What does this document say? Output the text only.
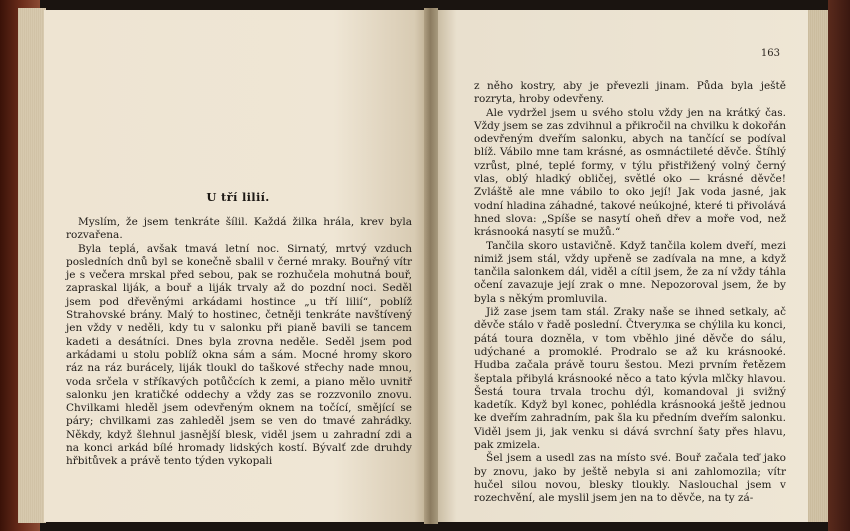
U tří lilií.

Myslím, že jsem tenkráte šílil. Každá žilka hrála, krev byla rozvařena.

Byla teplá, avšak tmavá letní noc. Sirnatý, mrtvý vzduch posledních dnů byl se konečně sbalil v černé mraky. Bouřný vítr je s večera mrskal před sebou, pak se rozhučela mohutná bouř, zapraskal liják, a bouř a liják trvaly až do pozdní noci. Seděl jsem pod dřevěnými arkádami hostince „u tří lilií“, poblíž Strahovské brány. Malý to hostinec, četněji tenkráte navštívený jen vždy v neděli, kdy tu v salonku při pianě bavili se tancem kadeti a desátníci. Dnes byla zrovna neděle. Seděl jsem pod arkádami u stolu poblíž okna sám a sám. Mocné hromy skoro ráz na ráz burácely, liják tloukl do taškové střechy nade mnou, voda srčela v stříkavých potůčcích k zemi, a piano mělo uvnitř salonku jen kratičké oddechy a vždy zas se rozzvonilo znovu. Chvilkami hleděl jsem odevřeným oknem na točící, smějící se páry; chvilkami zas zahleděl jsem se ven do tmavé zahrádky. Někdy, když šlehnul jasnější blesk, viděl jsem u zahradní zdi a na konci arkád bílé hromady lidských kostí. Bývalť zde druhdy hřbitůvek a právě tento týden vykopali

163

z něho kostry, aby je převezli jinam. Půda byla ještě rozryta, hroby odevřeny.

Ale vydržel jsem u svého stolu vždy jen na krátký čas. Vždy jsem se zas zdvihnul a přikročil na chvilku k dokořán odevřeným dveřím salonku, abych na tančící se podíval blíž. Vábilo mne tam krásné, as osmnáctileté děvče. Štíhlý vzrůst, plné, teplé formy, v týlu přistřižený volný černý vlas, oblý hladký obličej, světlé oko — krásné děvče! Zvláště ale mne vábilo to oko její! Jak voda jasné, jak vodní hladina záhadné, takové neúkojné, které ti přivolává hned slova: „Spíše se nasytí oheň dřev a moře vod, než krásnooká nasytí se mužů.“

Tančila skoro ustavičně. Když tančila kolem dveří, mezi nimiž jsem stál, vždy upřeně se zadívala na mne, a když tančila salonkem dál, viděl a cítil jsem, že za ní vždy táhla očení zavazuje její zrak o mne. Nepozoroval jsem, že by byla s někým promluvila.

Již zase jsem tam stál. Zraky naše se ihned setkaly, ač děvče stálo v řadě poslední. Čtveryлка se chýlila ku konci, pátá toura dozněla, v tom vběhlo jiné děvče do sálu, udýchané a promoklé. Prodralo se až ku krásnooké. Hudba začala právě touru šestou. Mezi prvním řetězem šeptala přibylá krásnooké něco a tato kývla mlčky hlavou. Šestá toura trvala trochu dýl, komandoval ji svižný kadetík. Když byl konec, pohlédla krásnooká ještě jednou ke dveřím zahradním, pak šla ku předním dveřím salonku. Viděl jsem ji, jak venku si dává svrchní šaty přes hlavu, pak zmizela.

Šel jsem a usedl zas na místo své. Bouř začala teď jako by znovu, jako by ještě nebyla si ani zahlomozila; vítr hučel silou novou, blesky tloukly. Naslouchal jsem v rozechvění, ale myslil jsem jen na to děvče, na ty zá-
